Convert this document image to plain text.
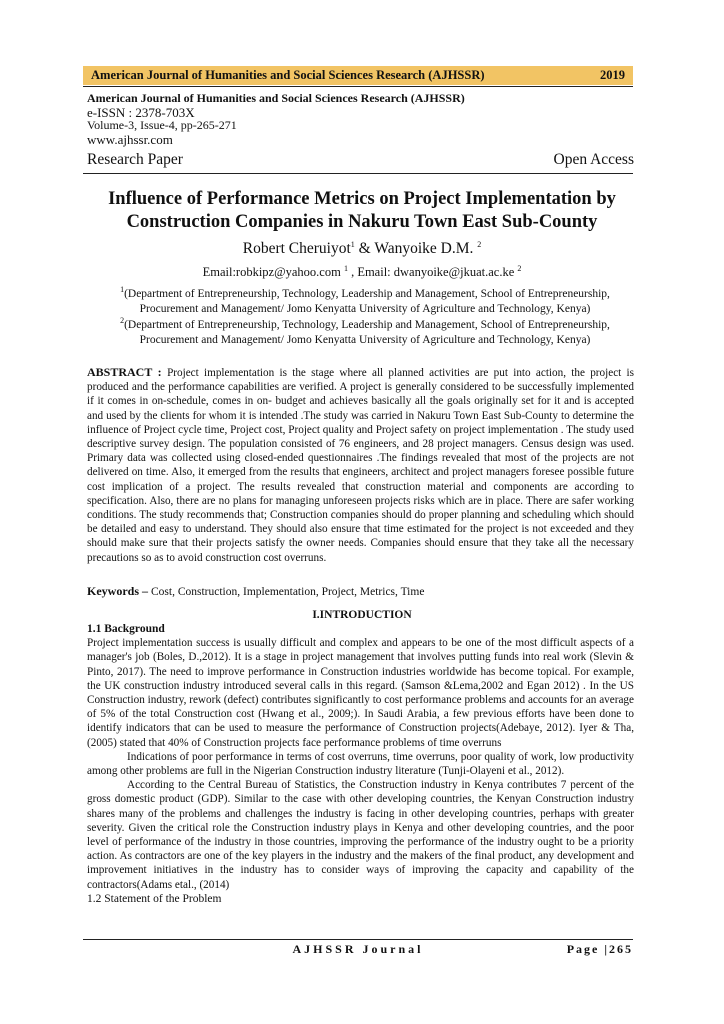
American Journal of Humanities and Social Sciences Research (AJHSSR)	2019
American Journal of Humanities and Social Sciences Research (AJHSSR)
e-ISSN : 2378-703X
Volume-3, Issue-4, pp-265-271
www.ajhssr.com
Research Paper	Open Access
Influence of Performance Metrics on Project Implementation by
Construction Companies in Nakuru Town East Sub-County
Robert Cheruiyot$^1$ & Wanyoike D.M. $^2$
Email:robkipz@yahoo.com $^1$ , Email: dwanyoike@jkuat.ac.ke $^2$
$^1$(Department of Entrepreneurship, Technology, Leadership and Management, School of Entrepreneurship, Procurement and Management/ Jomo Kenyatta University of Agriculture and Technology, Kenya)
$^2$(Department of Entrepreneurship, Technology, Leadership and Management, School of Entrepreneurship, Procurement and Management/ Jomo Kenyatta University of Agriculture and Technology, Kenya)
ABSTRACT : Project implementation is the stage where all planned activities are put into action, the project is produced and the performance capabilities are verified. A project is generally considered to be successfully implemented if it comes in on-schedule, comes in on- budget and achieves basically all the goals originally set for it and is accepted and used by the clients for whom it is intended .The study was carried in Nakuru Town East Sub-County to determine the influence of Project cycle time, Project cost, Project quality and Project safety on project implementation . The study used descriptive survey design. The population consisted of 76 engineers, and 28 project managers. Census design was used. Primary data was collected using closed-ended questionnaires .The findings revealed that most of the projects are not delivered on time. Also, it emerged from the results that engineers, architect and project managers foresee possible future cost implication of a project. The results revealed that construction material and components are according to specification. Also, there are no plans for managing unforeseen projects risks which are in place. There are safer working conditions. The study recommends that; Construction companies should do proper planning and scheduling which should be detailed and easy to understand. They should also ensure that time estimated for the project is not exceeded and they should make sure that their projects satisfy the owner needs. Companies should ensure that they take all the necessary precautions so as to avoid construction cost overruns.
Keywords – Cost, Construction, Implementation, Project, Metrics, Time
I.INTRODUCTION

1.1 Background

Project implementation success is usually difficult and complex and appears to be one of the most difficult aspects of a manager's job (Boles, D.,2012). It is a stage in project management that involves putting funds into real work (Slevin & Pinto, 2017). The need to improve performance in Construction industries worldwide has become topical. For example, the UK construction industry introduced several calls in this regard. (Samson &Lema,2002 and Egan 2012) . In the US Construction industry, rework (defect) contributes significantly to cost performance problems and accounts for an average of 5% of the total Construction cost (Hwang et al., 2009;). In Saudi Arabia, a few previous efforts have been done to identify indicators that can be used to measure the performance of Construction projects(Adebaye, 2012). Iyer & Tha, (2005) stated that 40% of Construction projects face performance problems of time overruns

Indications of poor performance in terms of cost overruns, time overruns, poor quality of work, low productivity among other problems are full in the Nigerian Construction industry literature (Tunji-Olayeni et al., 2012).

According to the Central Bureau of Statistics, the Construction industry in Kenya contributes 7 percent of the gross domestic product (GDP). Similar to the case with other developing countries, the Kenyan Construction industry shares many of the problems and challenges the industry is facing in other developing countries, perhaps with greater severity. Given the critical role the Construction industry plays in Kenya and other developing countries, and the poor level of performance of the industry in those countries, improving the performance of the industry ought to be a priority action. As contractors are one of the key players in the industry and the makers of the final product, any development and improvement initiatives in the industry has to consider ways of improving the capacity and capability of the contractors(Adams etal., (2014)

1.2 Statement of the Problem

AJHSSR Journal	Page |265
